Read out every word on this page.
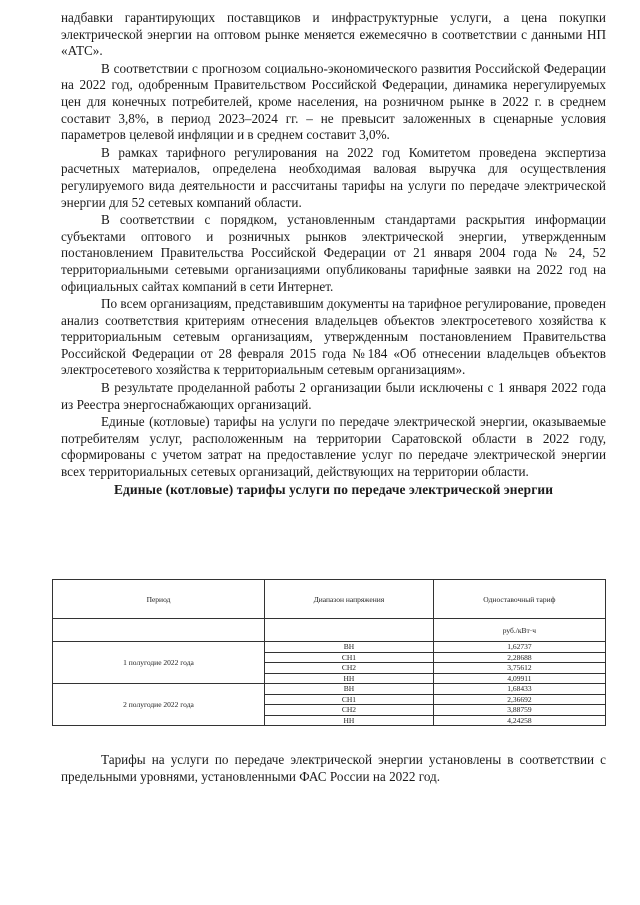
надбавки гарантирующих поставщиков и инфраструктурные услуги, а цена покупки электрической энергии на оптовом рынке меняется ежемесячно в соответствии с данными НП «АТС».

В соответствии с прогнозом социально-экономического развития Российской Федерации на 2022 год, одобренным Правительством Российской Федерации, динамика нерегулируемых цен для конечных потребителей, кроме населения, на розничном рынке в 2022 г. в среднем составит 3,8%, в период 2023–2024 гг. – не превысит заложенных в сценарные условия параметров целевой инфляции и в среднем составит 3,0%.

В рамках тарифного регулирования на 2022 год Комитетом проведена экспертиза расчетных материалов, определена необходимая валовая выручка для осуществления регулируемого вида деятельности и рассчитаны тарифы на услуги по передаче электрической энергии для 52 сетевых компаний области.

В соответствии с порядком, установленным стандартами раскрытия информации субъектами оптового и розничных рынков электрической энергии, утвержденным постановлением Правительства Российской Федерации от 21 января 2004 года № 24, 52 территориальными сетевыми организациями опубликованы тарифные заявки на 2022 год на официальных сайтах компаний в сети Интернет.

По всем организациям, представившим документы на тарифное регулирование, проведен анализ соответствия критериям отнесения владельцев объектов электросетевого хозяйства к территориальным сетевым организациям, утвержденным постановлением Правительства Российской Федерации от 28 февраля 2015 года №184 «Об отнесении владельцев объектов электросетевого хозяйства к территориальным сетевым организациям».

В результате проделанной работы 2 организации были исключены с 1 января 2022 года из Реестра энергоснабжающих организаций.

Единые (котловые) тарифы на услуги по передаче электрической энергии, оказываемые потребителям услуг, расположенным на территории Саратовской области в 2022 году, сформированы с учетом затрат на предоставление услуг по передаче электрической энергии всех территориальных сетевых организаций, действующих на территории области.

Единые (котловые) тарифы услуги по передаче электрической энергии
Период	Диапазон напряжения	Одноставочный тариф
		руб./кВт·ч
1 полугодие 2022 года	ВН	1,62737
	СН1	2,28688
	СН2	3,75612
	НН	4,09911
2 полугодие 2022 года	ВН	1,68433
	СН1	2,36692
	СН2	3,88759
	НН	4,24258

Тарифы на услуги по передаче электрической энергии установлены в соответствии с предельными уровнями, установленными ФАС России на 2022 год.
